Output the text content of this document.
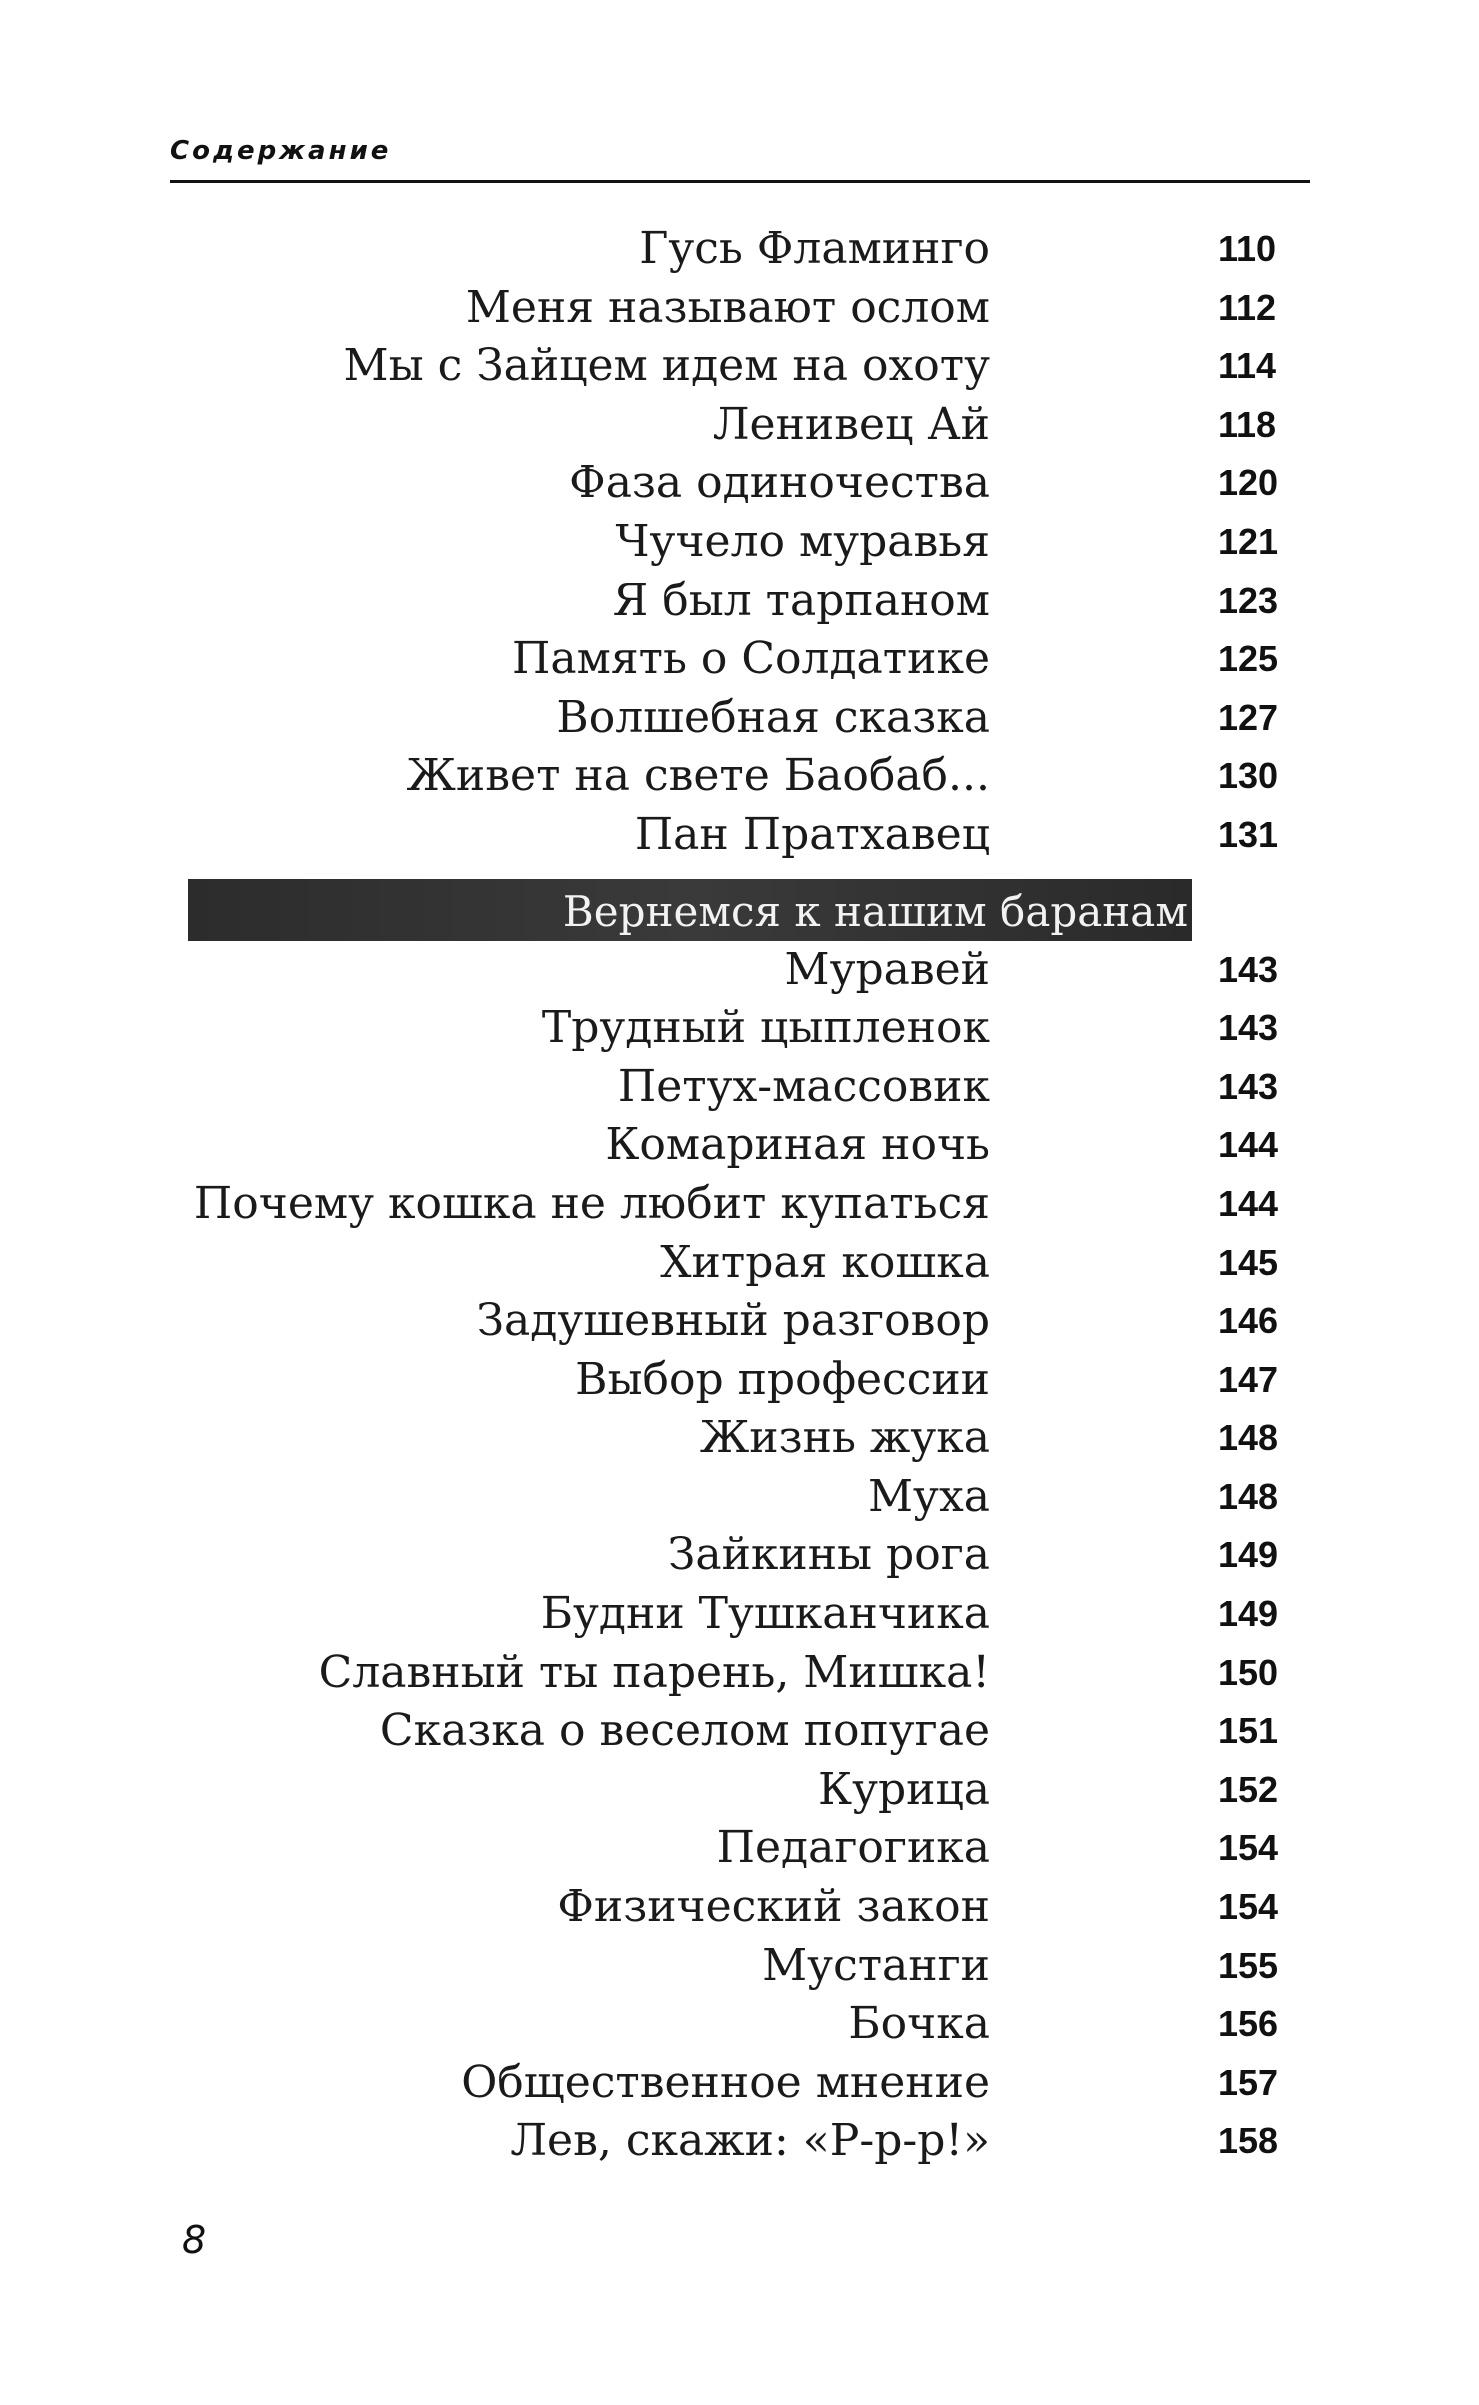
Содержание
Гусь Фламинго	110
Меня называют ослом	112
Мы с Зайцем идем на охоту	114
Ленивец Ай	118
Фаза одиночества	120
Чучело муравья	121
Я был тарпаном	123
Память о Солдатике	125
Волшебная сказка	127
Живет на свете Баобаб...	130
Пан Пратхавец	131
Вернемся к нашим баранам
Муравей	143
Трудный цыпленок	143
Петух-массовик	143
Комариная ночь	144
Почему кошка не любит купаться	144
Хитрая кошка	145
Задушевный разговор	146
Выбор профессии	147
Жизнь жука	148
Муха	148
Зайкины рога	149
Будни Тушканчика	149
Славный ты парень, Мишка!	150
Сказка о веселом попугае	151
Курица	152
Педагогика	154
Физический закон	154
Мустанги	155
Бочка	156
Общественное мнение	157
Лев, скажи: «Р-р-р!»	158
8
